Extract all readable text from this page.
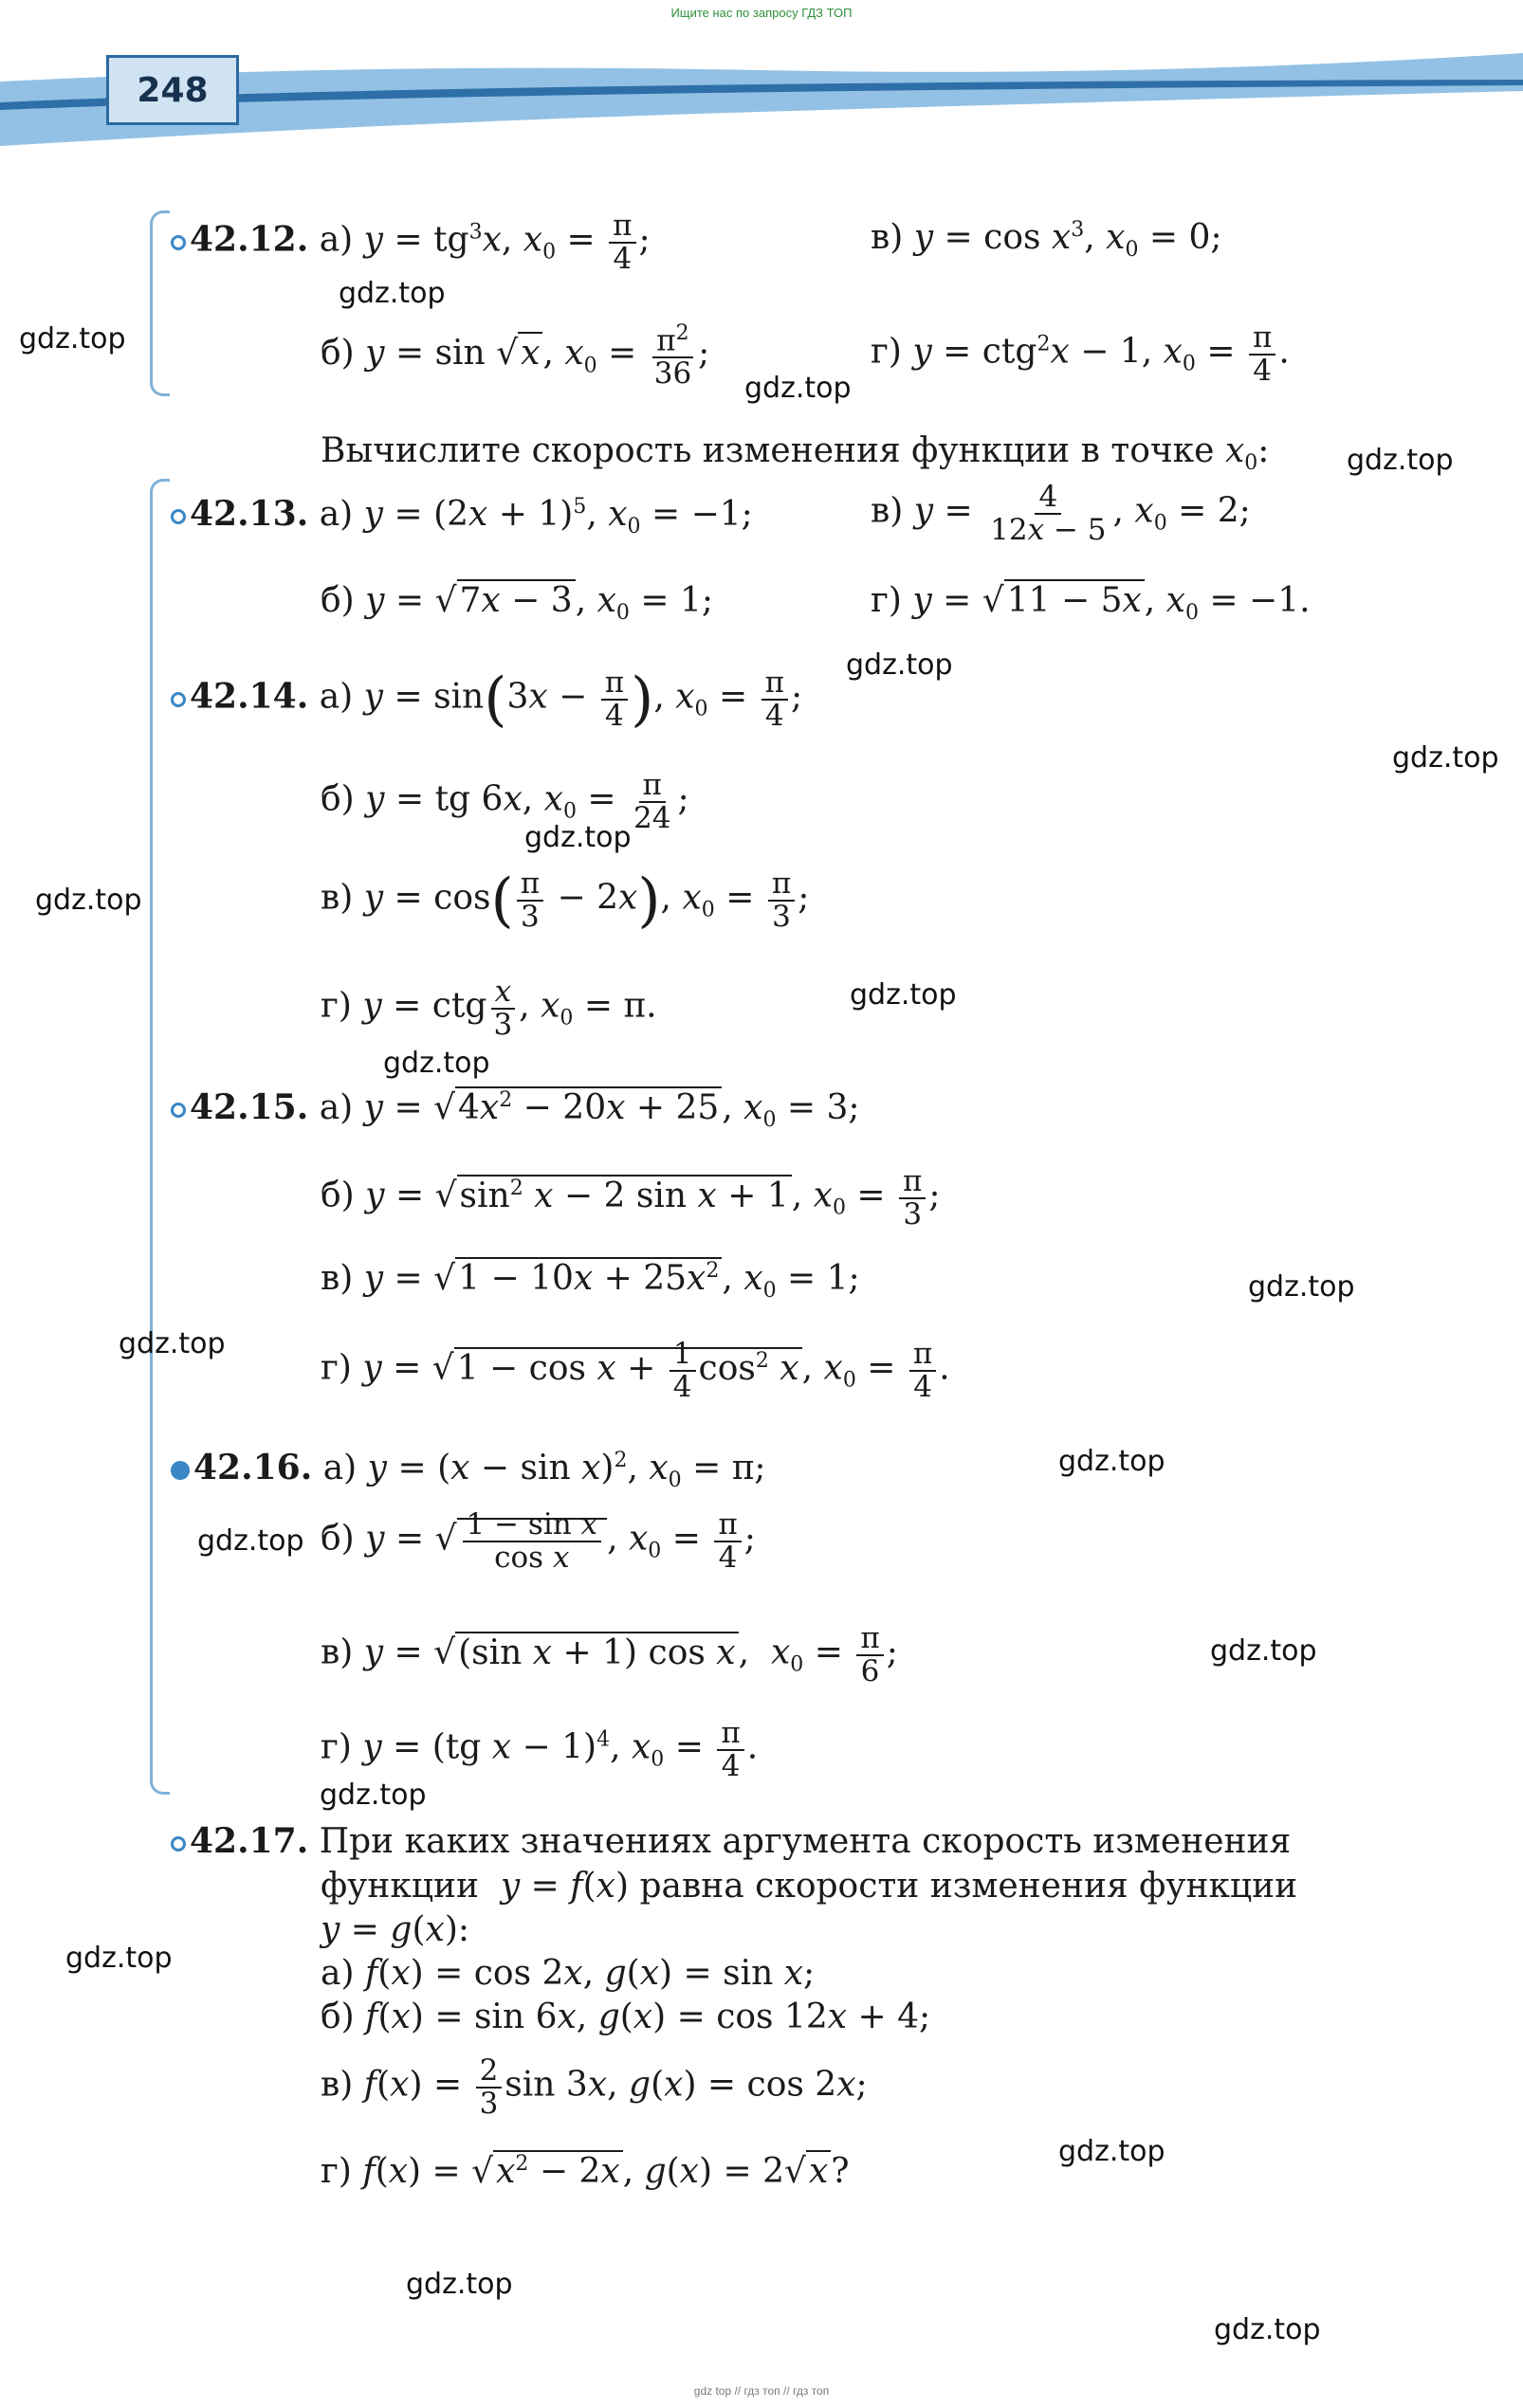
Ищите нас по запросу ГДЗ ТОП
248
42.12. а) $y = tg^3x$, $x_0 = \frac{\pi}{4}$ ;	в) $y = \cos x^3$, $x_0 = 0$;
б) y = sin √x, $x_0 = \frac{\pi^2}{36}$ ;	г) y = ctg$^2$x − 1, $x_0 = \frac{\pi}{4}$ .
Вычислите скорость изменения функции в точке $x_0$:
42.13. а) $y = (2x + 1)^5$, $x_0 = -1$;	в) $y = \frac{4}{12x - 5}$ , $x_0 = 2$;
б) y = √7x − 3, $x_0 = 1$;	г) y = √11 − 5x, $x_0 = -1$.
42.14. а) $y = \sin(3x - \frac{\pi}{4}$ ), $x_0 = \frac{\pi}{4}$ ;
б) y = tg 6x, $x_0 = \frac{\pi}{24}$ ;
в) $y = \cos( \frac{\pi}{3} - 2x)$, $x_0 = \frac{\pi}{3}$ ;
г) y = ctg $\frac{x}{3}$ , $x_0 = \pi$.
42.15. а) $y = √4x^2 - 20x + 25$, $x_0 = 3$;
б) $y = √\sin^2$ x − 2 sin x + 1, $x_0 = \frac{\pi}{3}$ ;
в) $y = √1 - 10x + 25x^2$, $x_0 = 1$;
г) $y = √1 - \cos x + \frac{1}{4} \cos^2 x$, $x_0 = \frac{\pi}{4}$ .
42.16. а) $y = (x - \sin x)^2$, $x_0 = \pi$;
б) y = √ $\frac{\text{1 − sin x}}{\text{cos x}}$ , $x_0 = \frac{\pi}{4}$ ;
в) y = √(sin x + 1) cos x,  $x_0 = \frac{\pi}{6}$ ;
г) y = (tg x − 1)$^4$, $x_0 = \frac{\pi}{4}$ .
42.17. При каких значениях аргумента скорость изменения
функции y = f(x) равна скорости изменения функции
y = g(x):
а) f(x) = cos 2x, g(x) = sin x;
б) f(x) = sin 6x, g(x) = cos 12x + 4;
в) $f(x) = \frac{2}{3}$ sin 3x, g(x) = cos 2x;
г) $f(x) = √x^2 - 2x$, g(x) = 2√x?
gdz.top
gdz.top
gdz.top
gdz.top
gdz.top
gdz.top
gdz.top
gdz.top
gdz.top
gdz.top
gdz.top
gdz.top
gdz.top
gdz.top
gdz.top
gdz.top
gdz.top
gdz.top
gdz.top
gdz.top
gdz top // гдз топ // гдз топ
